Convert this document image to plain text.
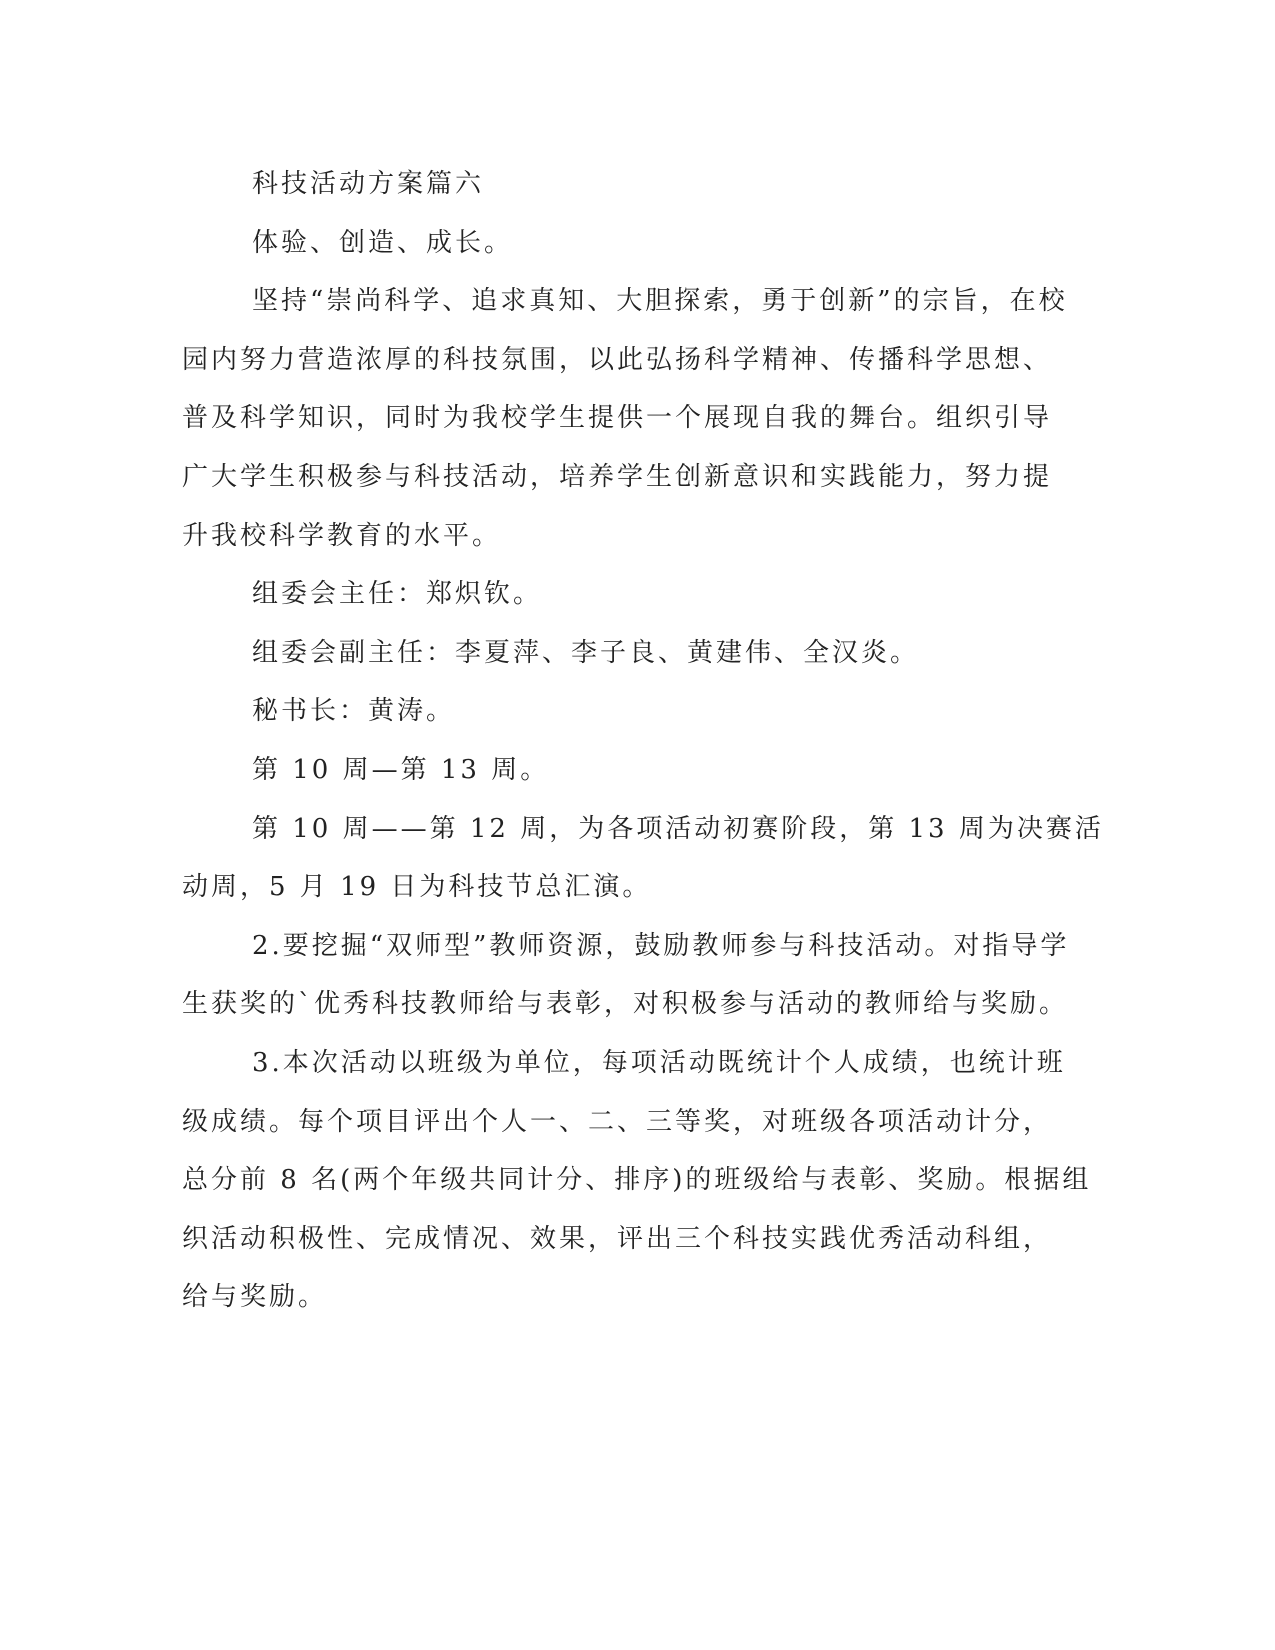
科技活动方案篇六
体验、创造、成长。
坚持“崇尚科学、追求真知、大胆探索，勇于创新”的宗旨，在校
园内努力营造浓厚的科技氛围，以此弘扬科学精神、传播科学思想、
普及科学知识，同时为我校学生提供一个展现自我的舞台。组织引导
广大学生积极参与科技活动，培养学生创新意识和实践能力，努力提
升我校科学教育的水平。
组委会主任：郑炽钦。
组委会副主任：李夏萍、李子良、黄建伟、全汉炎。
秘书长：黄涛。
第 10 周—第 13 周。
第 10 周——第 12 周，为各项活动初赛阶段，第 13 周为决赛活
动周，5 月 19 日为科技节总汇演。
2.要挖掘“双师型”教师资源，鼓励教师参与科技活动。对指导学
生获奖的`优秀科技教师给与表彰，对积极参与活动的教师给与奖励。
3.本次活动以班级为单位，每项活动既统计个人成绩，也统计班
级成绩。每个项目评出个人一、二、三等奖，对班级各项活动计分，
总分前 8 名(两个年级共同计分、排序)的班级给与表彰、奖励。根据组
织活动积极性、完成情况、效果，评出三个科技实践优秀活动科组，
给与奖励。
